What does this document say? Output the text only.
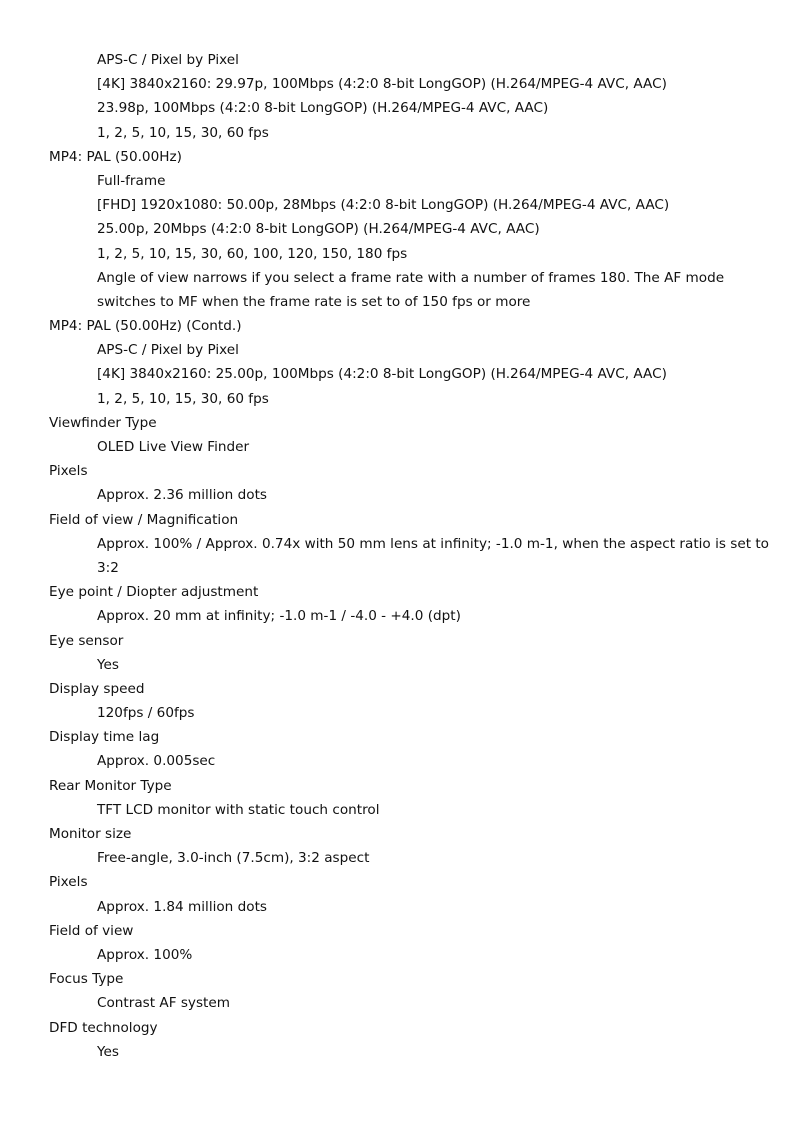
APS-C / Pixel by Pixel
[4K] 3840x2160: 29.97p, 100Mbps (4:2:0 8-bit LongGOP) (H.264/MPEG-4 AVC, AAC)
23.98p, 100Mbps (4:2:0 8-bit LongGOP) (H.264/MPEG-4 AVC, AAC)
1, 2, 5, 10, 15, 30, 60 fps
MP4: PAL (50.00Hz)
Full-frame
[FHD] 1920x1080: 50.00p, 28Mbps (4:2:0 8-bit LongGOP) (H.264/MPEG-4 AVC, AAC)
25.00p, 20Mbps (4:2:0 8-bit LongGOP) (H.264/MPEG-4 AVC, AAC)
1, 2, 5, 10, 15, 30, 60, 100, 120, 150, 180 fps
Angle of view narrows if you select a frame rate with a number of frames 180. The AF mode
switches to MF when the frame rate is set to of 150 fps or more
MP4: PAL (50.00Hz) (Contd.)
APS-C / Pixel by Pixel
[4K] 3840x2160: 25.00p, 100Mbps (4:2:0 8-bit LongGOP) (H.264/MPEG-4 AVC, AAC)
1, 2, 5, 10, 15, 30, 60 fps
Viewfinder Type
OLED Live View Finder
Pixels
Approx. 2.36 million dots
Field of view / Magnification
Approx. 100% / Approx. 0.74x with 50 mm lens at infinity; -1.0 m-1, when the aspect ratio is set to
3:2
Eye point / Diopter adjustment
Approx. 20 mm at infinity; -1.0 m-1 / -4.0 - +4.0 (dpt)
Eye sensor
Yes
Display speed
120fps / 60fps
Display time lag
Approx. 0.005sec
Rear Monitor Type
TFT LCD monitor with static touch control
Monitor size
Free-angle, 3.0-inch (7.5cm), 3:2 aspect
Pixels
Approx. 1.84 million dots
Field of view
Approx. 100%
Focus Type
Contrast AF system
DFD technology
Yes
